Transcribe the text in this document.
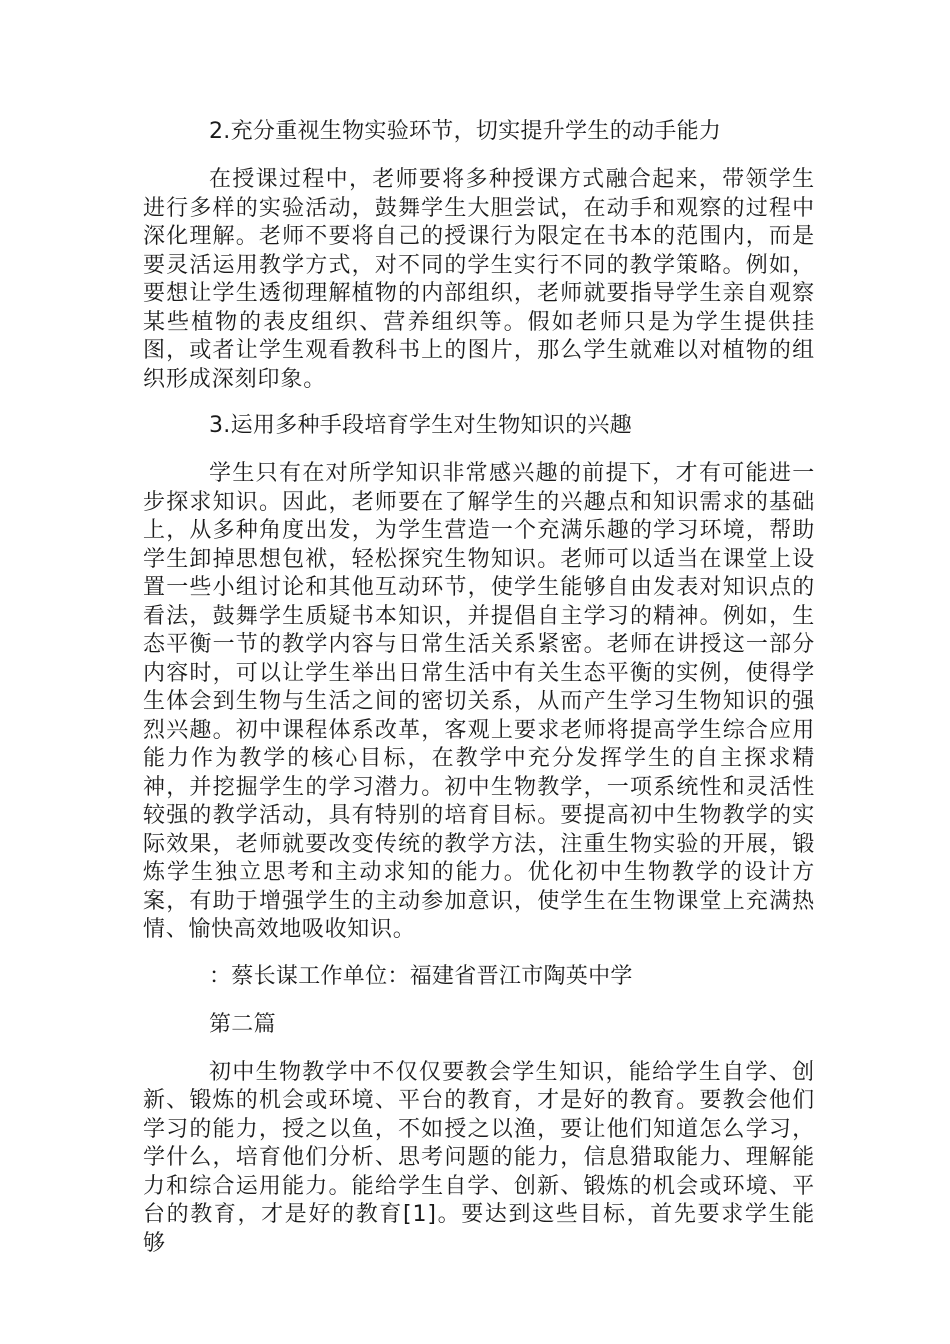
2.充分重视生物实验环节，切实提升学生的动手能力

在授课过程中，老师要将多种授课方式融合起来，带领学生进行多样的实验活动，鼓舞学生大胆尝试，在动手和观察的过程中深化理解。老师不要将自己的授课行为限定在书本的范围内，而是要灵活运用教学方式，对不同的学生实行不同的教学策略。例如，要想让学生透彻理解植物的内部组织，老师就要指导学生亲自观察某些植物的表皮组织、营养组织等。假如老师只是为学生提供挂图，或者让学生观看教科书上的图片，那么学生就难以对植物的组织形成深刻印象。

3.运用多种手段培育学生对生物知识的兴趣

学生只有在对所学知识非常感兴趣的前提下，才有可能进一步探求知识。因此，老师要在了解学生的兴趣点和知识需求的基础上，从多种角度出发，为学生营造一个充满乐趣的学习环境，帮助学生卸掉思想包袱，轻松探究生物知识。老师可以适当在课堂上设置一些小组讨论和其他互动环节，使学生能够自由发表对知识点的看法，鼓舞学生质疑书本知识，并提倡自主学习的精神。例如，生态平衡一节的教学内容与日常生活关系紧密。老师在讲授这一部分内容时，可以让学生举出日常生活中有关生态平衡的实例，使得学生体会到生物与生活之间的密切关系，从而产生学习生物知识的强烈兴趣。初中课程体系改革，客观上要求老师将提高学生综合应用能力作为教学的核心目标，在教学中充分发挥学生的自主探求精神，并挖掘学生的学习潜力。初中生物教学，一项系统性和灵活性较强的教学活动，具有特别的培育目标。要提高初中生物教学的实际效果，老师就要改变传统的教学方法，注重生物实验的开展，锻炼学生独立思考和主动求知的能力。优化初中生物教学的设计方案，有助于增强学生的主动参加意识，使学生在生物课堂上充满热情、愉快高效地吸收知识。

：蔡长谋工作单位：福建省晋江市陶英中学
第二篇

初中生物教学中不仅仅要教会学生知识，能给学生自学、创新、锻炼的机会或环境、平台的教育，才是好的教育。要教会他们学习的能力，授之以鱼，不如授之以渔，要让他们知道怎么学习，学什么，培育他们分析、思考问题的能力，信息猎取能力、理解能力和综合运用能力。能给学生自学、创新、锻炼的机会或环境、平台的教育，才是好的教育[1]。要达到这些目标，首先要求学生能够
